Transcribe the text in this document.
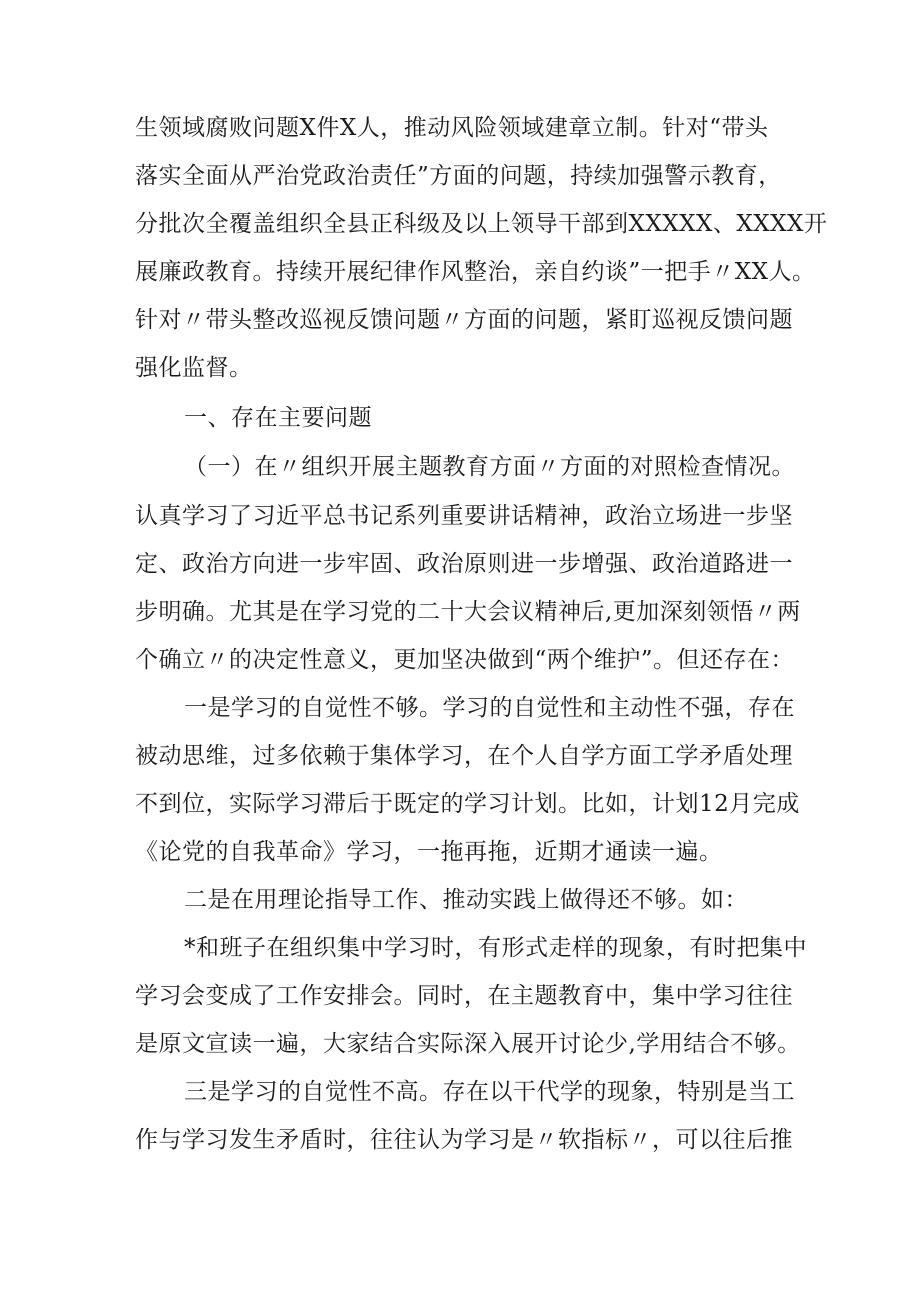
生领域腐败问题X件X人，推动风险领域建章立制。针对“带头
落实全面从严治党政治责任”方面的问题，持续加强警示教育，
分批次全覆盖组织全县正科级及以上领导干部到XXXXX、XXXX开
展廉政教育。持续开展纪律作风整治，亲自约谈”一把手〃XX人。
针对〃带头整改巡视反馈问题〃方面的问题，紧盯巡视反馈问题
强化监督。
一、存在主要问题
（一）在〃组织开展主题教育方面〃方面的对照检查情况。
认真学习了习近平总书记系列重要讲话精神，政治立场进一步坚
定、政治方向进一步牢固、政治原则进一步增强、政治道路进一
步明确。尤其是在学习党的二十大会议精神后,更加深刻领悟〃两
个确立〃的决定性意义，更加坚决做到“两个维护”。但还存在：
一是学习的自觉性不够。学习的自觉性和主动性不强，存在
被动思维，过多依赖于集体学习，在个人自学方面工学矛盾处理
不到位，实际学习滞后于既定的学习计划。比如，计划12月完成
《论党的自我革命》学习，一拖再拖，近期才通读一遍。
二是在用理论指导工作、推动实践上做得还不够。如：
*和班子在组织集中学习时，有形式走样的现象，有时把集中
学习会变成了工作安排会。同时，在主题教育中，集中学习往往
是原文宣读一遍，大家结合实际深入展开讨论少,学用结合不够。
三是学习的自觉性不高。存在以干代学的现象，特别是当工
作与学习发生矛盾时，往往认为学习是〃软指标〃，可以往后推
